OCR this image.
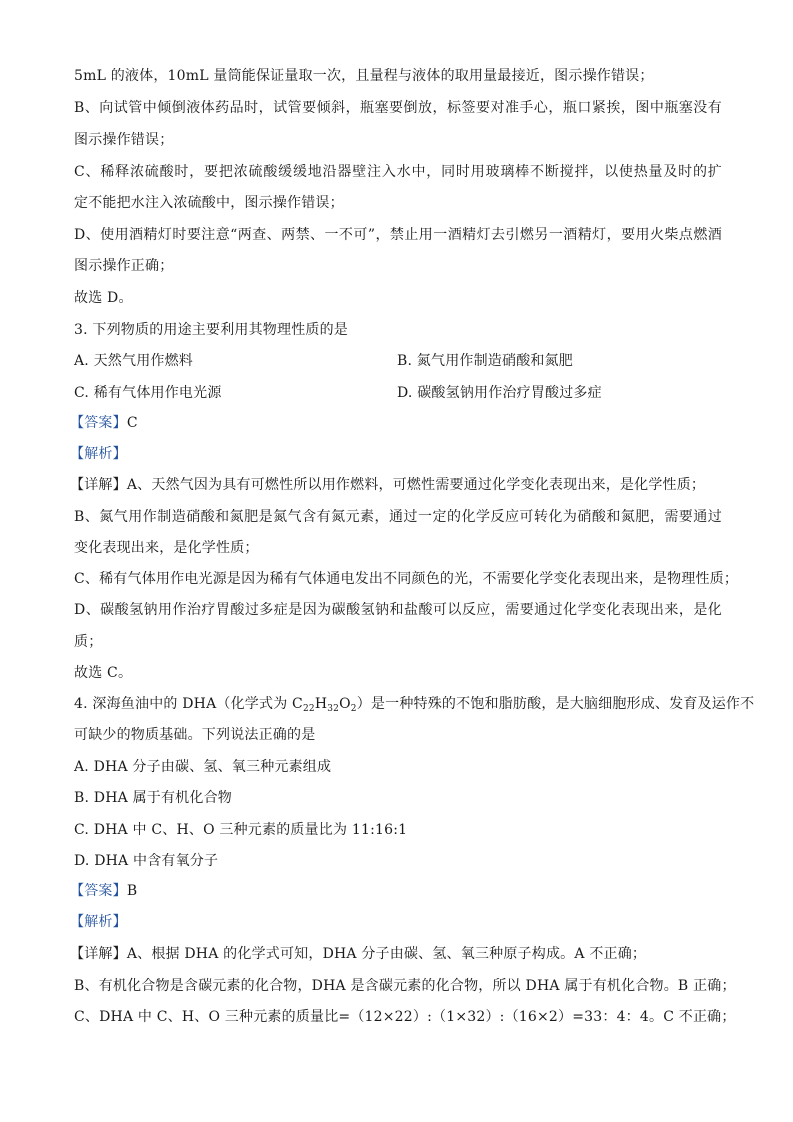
5mL 的液体，10mL 量筒能保证量取一次，且量程与液体的取用量最接近，图示操作错误；
B、向试管中倾倒液体药品时，试管要倾斜，瓶塞要倒放，标签要对准手心，瓶口紧挨，图中瓶塞没有
图示操作错误；
C、稀释浓硫酸时，要把浓硫酸缓缓地沿器壁注入水中，同时用玻璃棒不断搅拌，以使热量及时的扩
定不能把水注入浓硫酸中，图示操作错误；
D、使用酒精灯时要注意“两查、两禁、一不可”，禁止用一酒精灯去引燃另一酒精灯，要用火柴点燃酒
图示操作正确；
故选 D。
3. 下列物质的用途主要利用其物理性质的是
A. 天然气用作燃料	B. 氮气用作制造硝酸和氮肥
C. 稀有气体用作电光源	D. 碳酸氢钠用作治疗胃酸过多症
【答案】C
【解析】
【详解】A、天然气因为具有可燃性所以用作燃料，可燃性需要通过化学变化表现出来，是化学性质；
B、氮气用作制造硝酸和氮肥是氮气含有氮元素，通过一定的化学反应可转化为硝酸和氮肥，需要通过
变化表现出来，是化学性质；
C、稀有气体用作电光源是因为稀有气体通电发出不同颜色的光，不需要化学变化表现出来，是物理性质；
D、碳酸氢钠用作治疗胃酸过多症是因为碳酸氢钠和盐酸可以反应，需要通过化学变化表现出来，是化
质；
故选 C。
4. 深海鱼油中的 DHA（化学式为 $C_{22}H_{32}O_2$）是一种特殊的不饱和脂肪酸，是大脑细胞形成、发育及运作不
可缺少的物质基础。下列说法正确的是
A. DHA 分子由碳、氢、氧三种元素组成
B. DHA 属于有机化合物
C. DHA 中 C、H、O 三种元素的质量比为 11:16:1
D. DHA 中含有氧分子
【答案】B
【解析】
【详解】A、根据 DHA 的化学式可知，DHA 分子由碳、氢、氧三种原子构成。A 不正确；
B、有机化合物是含碳元素的化合物，DHA 是含碳元素的化合物，所以 DHA 属于有机化合物。B 正确；
C、DHA 中 C、H、O 三种元素的质量比=（12×22）:（1×32）:（16×2）=33：4：4。C 不正确；
